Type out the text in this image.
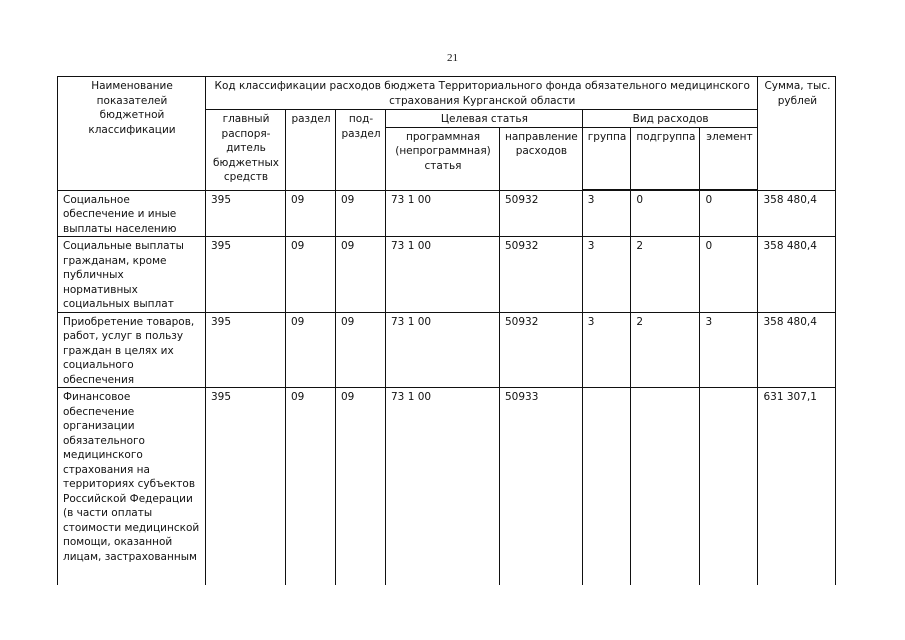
21
Наименование показателей бюджетной классификации	Код классификации расходов бюджета Территориального фонда обязательного медицинского страхования Курганской области								Сумма, тыс. рублей
	главный распоря-дитель бюджетных средств	раздел	под-раздел	Целевая статья		Вид расходов			
				программная (непрограммная) статья	направление расходов	группа	подгруппа	элемент	

Социальное обеспечение и иные выплаты населению	395	09	09	73 1 00	50932	3	0	0	358 480,4
Социальные выплаты гражданам, кроме публичных нормативных социальных выплат	395	09	09	73 1 00	50932	3	2	0	358 480,4
Приобретение товаров, работ, услуг в пользу граждан в целях их социального обеспечения	395	09	09	73 1 00	50932	3	2	3	358 480,4
Финансовое обеспечение организации обязательного медицинского страхования на территориях субъектов Российской Федерации (в части оплаты стоимости медицинской помощи, оказанной лицам, застрахованным	395	09	09	73 1 00	50933				631 307,1
